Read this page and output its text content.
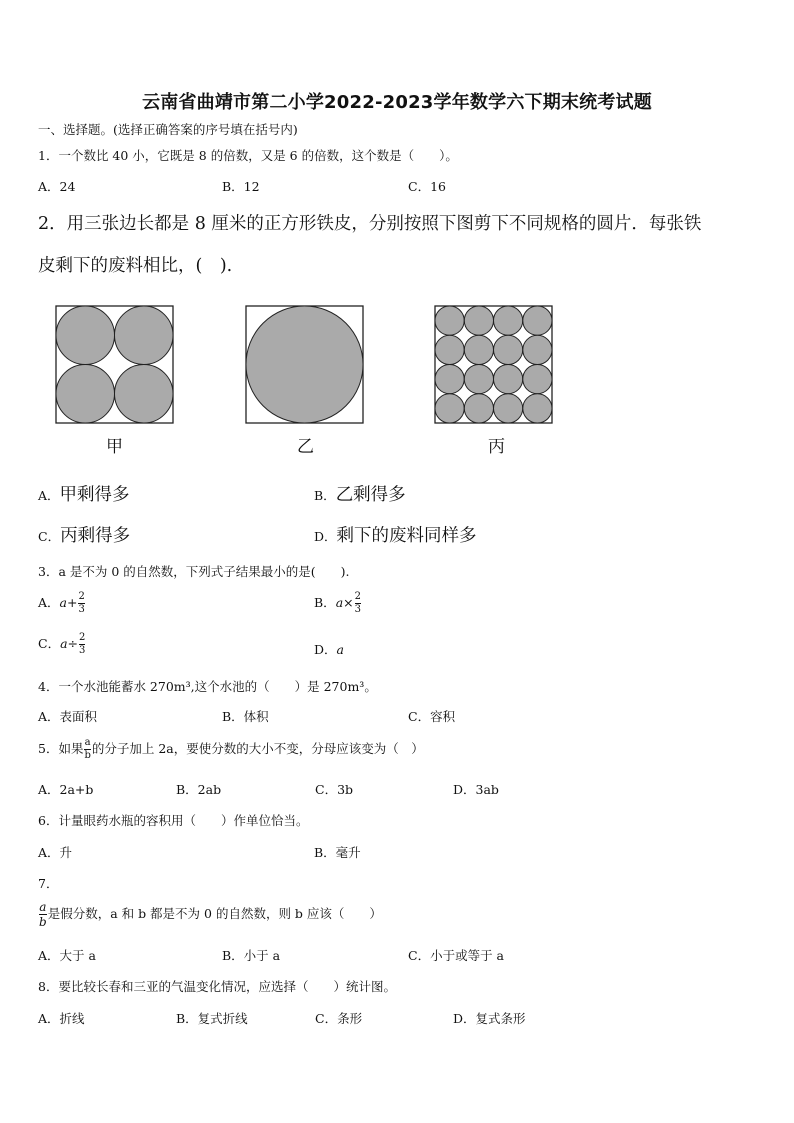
云南省曲靖市第二小学2022-2023学年数学六下期末统考试题
一、选择题。(选择正确答案的序号填在括号内)
1．一个数比 40 小，它既是 8 的倍数，又是 6 的倍数，这个数是（　　）。
A．24	B．12	C．16
2．用三张边长都是 8 厘米的正方形铁皮，分别按照下图剪下不同规格的圆片．每张铁
皮剩下的废料相比，(　).
甲	乙	丙
A．甲剩得多	B．乙剩得多
C．丙剩得多	D．剩下的废料同样多
3．a 是不为 0 的自然数，下列式子结果最小的是(　　).
A．$a+ \frac{2}{3}$	B．$a\times \frac{2}{3}$
C．$a\div \frac{2}{3}$	D．a
4．一个水池能蓄水 270m³,这个水池的（　　）是 270m³。
A．表面积	B．体积	C．容积
5．如果 $\frac{a}{b}$ 的分子加上 2a，要使分数的大小不变，分母应该变为（　）
A．2a+b	B．2ab	C．3b	D．3ab
6．计量眼药水瓶的容积用（　　）作单位恰当。
A．升	B．毫升
7．
$\frac{a}{b}$ 是假分数，a 和 b 都是不为 0 的自然数，则 b 应该（　　）
A．大于 a	B．小于 a	C．小于或等于 a
8．要比较长春和三亚的气温变化情况，应选择（　　）统计图。
A．折线	B．复式折线	C．条形	D．复式条形
